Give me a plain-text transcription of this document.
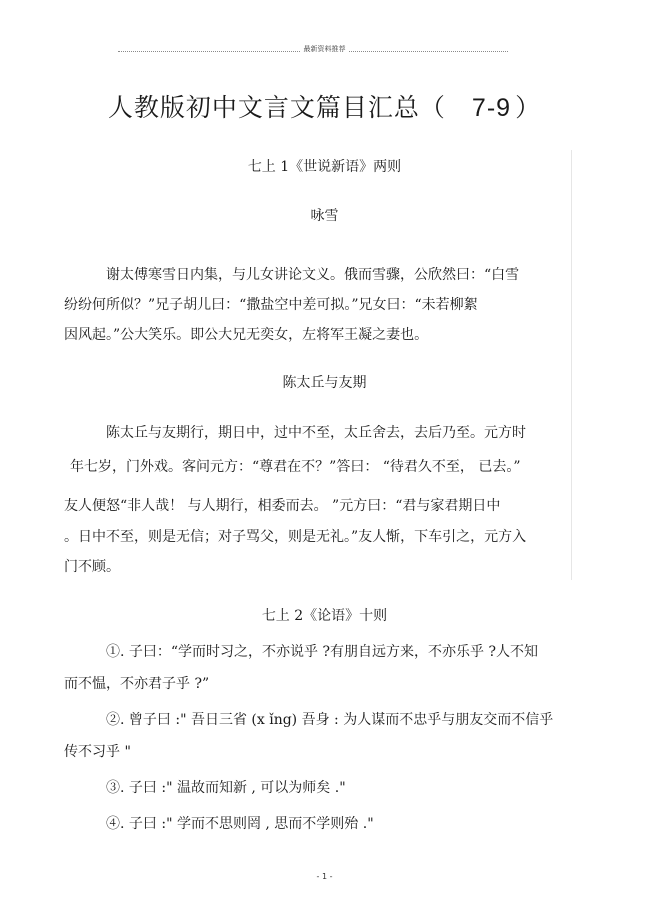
最新资料推荐
人教版初中文言文篇目汇总（ 7-9 ）
七上 1《世说新语》两则
咏雪
谢太傅寒雪日内集，与儿女讲论文义。俄而雪骤，公欣然曰：“白雪
纷纷何所似？”兄子胡儿曰：“撒盐空中差可拟。”兄女曰：“未若柳絮
因风起。”公大笑乐。即公大兄无奕女，左将军王凝之妻也。
陈太丘与友期
陈太丘与友期行，期日中，过中不至，太丘舍去，去后乃至。元方时
年七岁，门外戏。客问元方：“尊君在不？”答曰： “待君久不至， 已去。”
友人便怒“非人哉！ 与人期行，相委而去。 ”元方曰：“君与家君期日中
。日中不至，则是无信；对子骂父，则是无礼。”友人惭，下车引之，元方入
门不顾。
七上 2《论语》十则
①. 子曰：“学而时习之，不亦说乎 ?有朋自远方来，不亦乐乎 ?人不知
而不愠，不亦君子乎 ?”
②. 曾子曰 :" 吾日三省 (x ǐng) 吾身 : 为人谋而不忠乎与朋友交而不信乎
传不习乎 "
③. 子曰 :" 温故而知新 , 可以为师矣 ."
④. 子曰 :" 学而不思则罔 , 思而不学则殆 ."
- 1 -
